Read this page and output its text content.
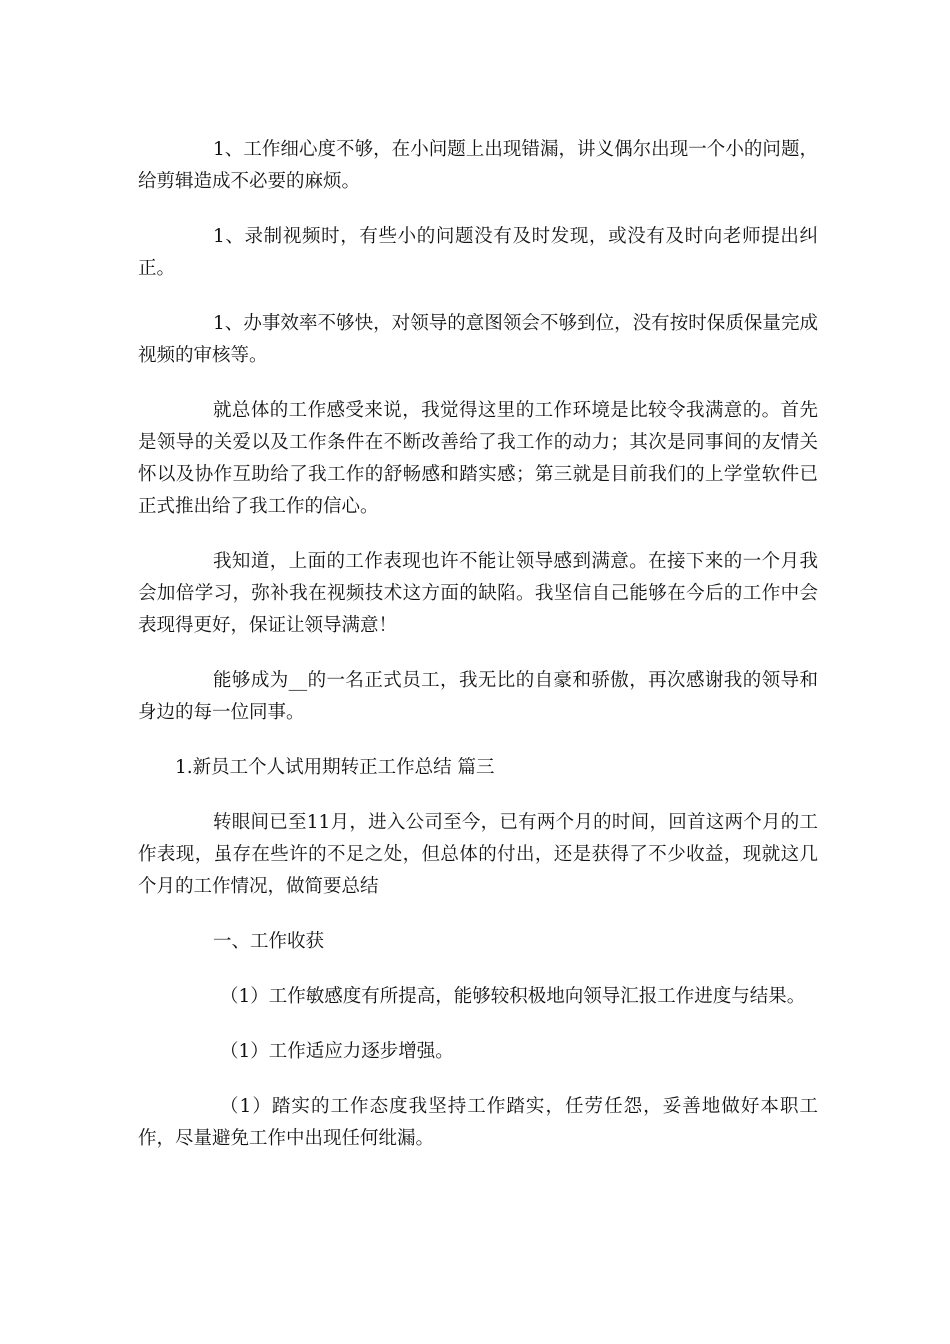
1、工作细心度不够，在小问题上出现错漏，讲义偶尔出现一个小的问题，给剪辑造成不必要的麻烦。

1、录制视频时，有些小的问题没有及时发现，或没有及时向老师提出纠正。

1、办事效率不够快，对领导的意图领会不够到位，没有按时保质保量完成视频的审核等。

就总体的工作感受来说，我觉得这里的工作环境是比较令我满意的。首先是领导的关爱以及工作条件在不断改善给了我工作的动力；其次是同事间的友情关怀以及协作互助给了我工作的舒畅感和踏实感；第三就是目前我们的上学堂软件已正式推出给了我工作的信心。

我知道，上面的工作表现也许不能让领导感到满意。在接下来的一个月我会加倍学习，弥补我在视频技术这方面的缺陷。我坚信自己能够在今后的工作中会表现得更好，保证让领导满意！

能够成为__的一名正式员工，我无比的自豪和骄傲，再次感谢我的领导和身边的每一位同事。

1.新员工个人试用期转正工作总结 篇三

转眼间已至11月，进入公司至今，已有两个月的时间，回首这两个月的工作表现，虽存在些许的不足之处，但总体的付出，还是获得了不少收益，现就这几个月的工作情况，做简要总结

一、工作收获

（1）工作敏感度有所提高，能够较积极地向领导汇报工作进度与结果。

（1）工作适应力逐步增强。

（1）踏实的工作态度我坚持工作踏实，任劳任怨，妥善地做好本职工作，尽量避免工作中出现任何纰漏。
